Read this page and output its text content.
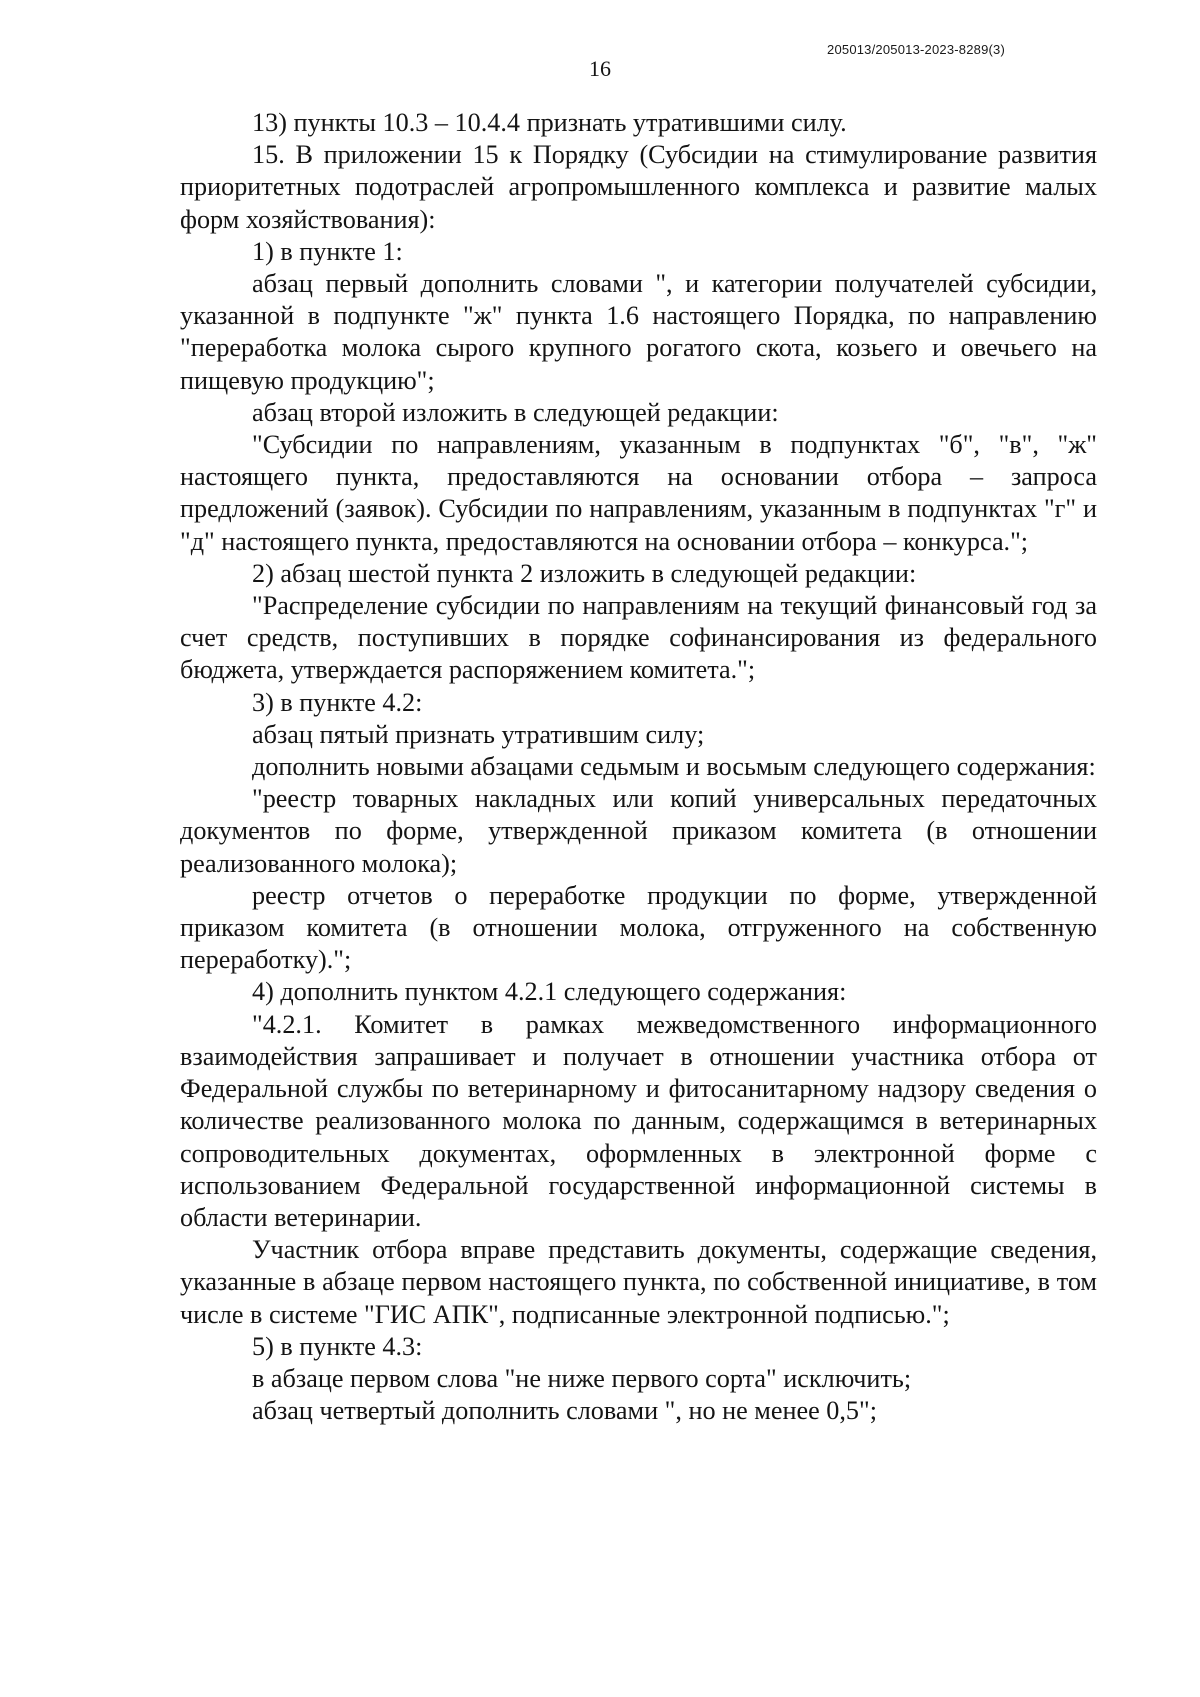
205013/205013-2023-8289(3)
16

13) пункты 10.3 – 10.4.4 признать утратившими силу.

15. В приложении 15 к Порядку (Субсидии на стимулирование развития приоритетных подотраслей агропромышленного комплекса и развитие малых форм хозяйствования):

1) в пункте 1:

абзац первый дополнить словами ", и категории получателей субсидии, указанной в подпункте "ж" пункта 1.6 настоящего Порядка, по направлению "переработка молока сырого крупного рогатого скота, козьего и овечьего на пищевую продукцию";

абзац второй изложить в следующей редакции:

"Субсидии по направлениям, указанным в подпунктах "б", "в", "ж" настоящего пункта, предоставляются на основании отбора – запроса предложений (заявок). Субсидии по направлениям, указанным в подпунктах "г" и "д" настоящего пункта, предоставляются на основании отбора – конкурса.";

2) абзац шестой пункта 2 изложить в следующей редакции:

"Распределение субсидии по направлениям на текущий финансовый год за счет средств, поступивших в порядке софинансирования из федерального бюджета, утверждается распоряжением комитета.";

3) в пункте 4.2:

абзац пятый признать утратившим силу;

дополнить новыми абзацами седьмым и восьмым следующего содержания:

"реестр товарных накладных или копий универсальных передаточных документов по форме, утвержденной приказом комитета (в отношении реализованного молока);

реестр отчетов о переработке продукции по форме, утвержденной приказом комитета (в отношении молока, отгруженного на собственную переработку).";

4) дополнить пунктом 4.2.1 следующего содержания:

"4.2.1. Комитет в рамках межведомственного информационного взаимодействия запрашивает и получает в отношении участника отбора от Федеральной службы по ветеринарному и фитосанитарному надзору сведения о количестве реализованного молока по данным, содержащимся в ветеринарных сопроводительных документах, оформленных в электронной форме с использованием Федеральной государственной информационной системы в области ветеринарии.

Участник отбора вправе представить документы, содержащие сведения, указанные в абзаце первом настоящего пункта, по собственной инициативе, в том числе в системе "ГИС АПК", подписанные электронной подписью.";

5) в пункте 4.3:

в абзаце первом слова "не ниже первого сорта" исключить;

абзац четвертый дополнить словами ", но не менее 0,5";
